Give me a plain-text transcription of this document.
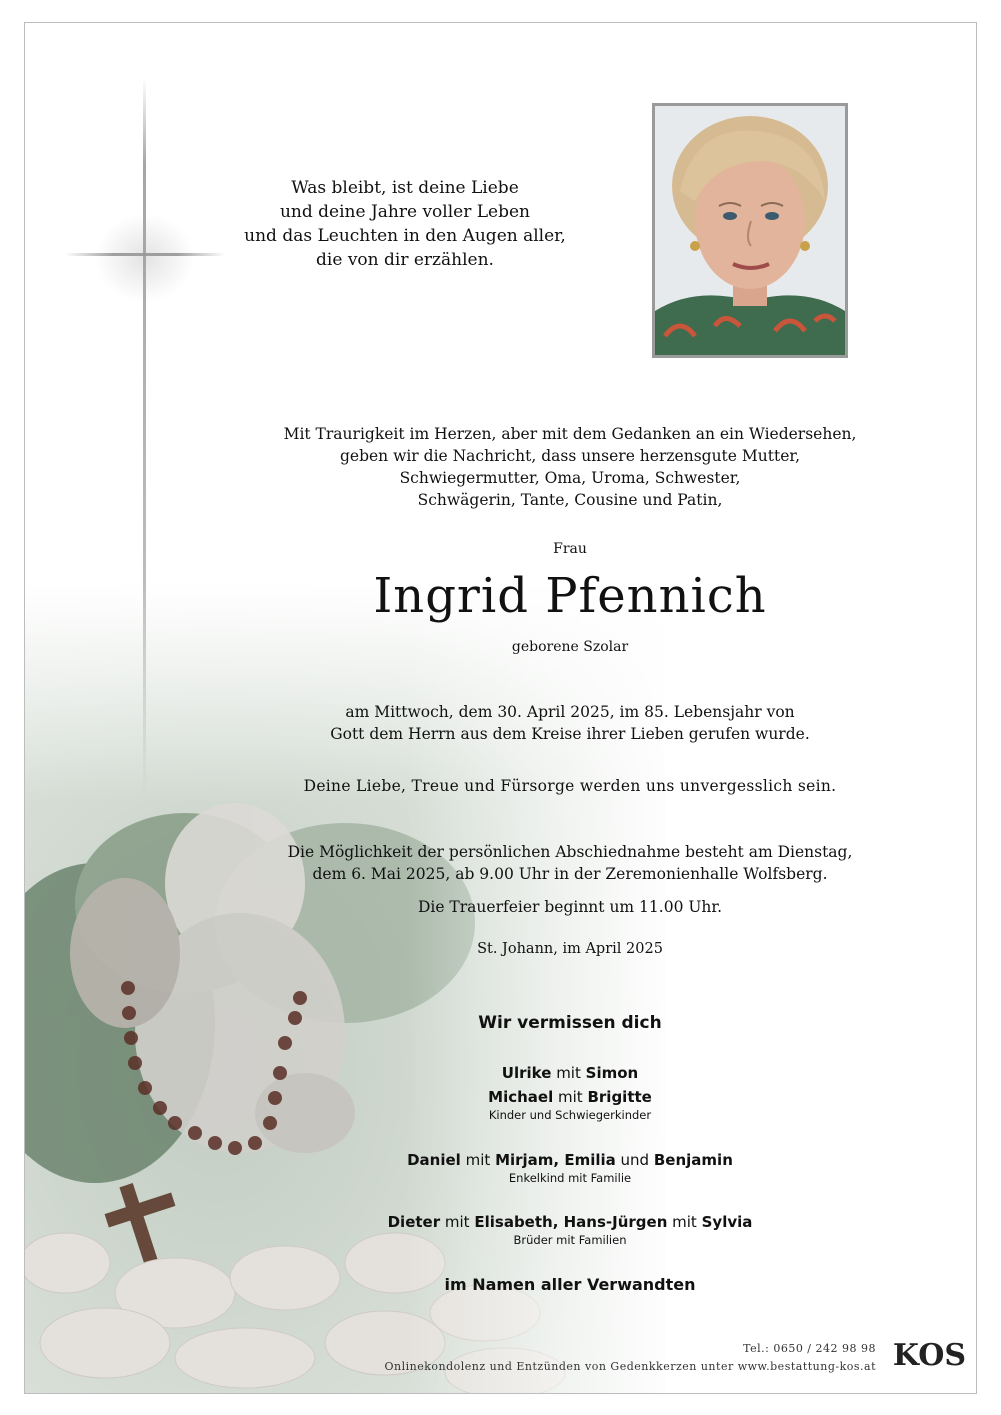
Was bleibt, ist deine Liebe
und deine Jahre voller Leben
und das Leuchten in den Augen aller,
die von dir erzählen.
Mit Traurigkeit im Herzen, aber mit dem Gedanken an ein Wiedersehen,
geben wir die Nachricht, dass unsere herzensgute Mutter,
Schwiegermutter, Oma, Uroma, Schwester,
Schwägerin, Tante, Cousine und Patin,
Frau
Ingrid Pfennich
geborene Szolar
am Mittwoch, dem 30. April 2025, im 85. Lebensjahr von
Gott dem Herrn aus dem Kreise ihrer Lieben gerufen wurde.
Deine Liebe, Treue und Fürsorge werden uns unvergesslich sein.
Die Möglichkeit der persönlichen Abschiednahme besteht am Dienstag,
dem 6. Mai 2025, ab 9.00 Uhr in der Zeremonienhalle Wolfsberg.
Die Trauerfeier beginnt um 11.00 Uhr.
St. Johann, im April 2025
Wir vermissen dich
Ulrike mit Simon
Michael mit Brigitte
Kinder und Schwiegerkinder
Daniel mit Mirjam, Emilia und Benjamin
Enkelkind mit Familie
Dieter mit Elisabeth, Hans-Jürgen mit Sylvia
Brüder mit Familien
im Namen aller Verwandten
Tel.: 0650 / 242 98 98
Onlinekondolenz und Entzünden von Gedenkkerzen unter www.bestattung-kos.at KOS
